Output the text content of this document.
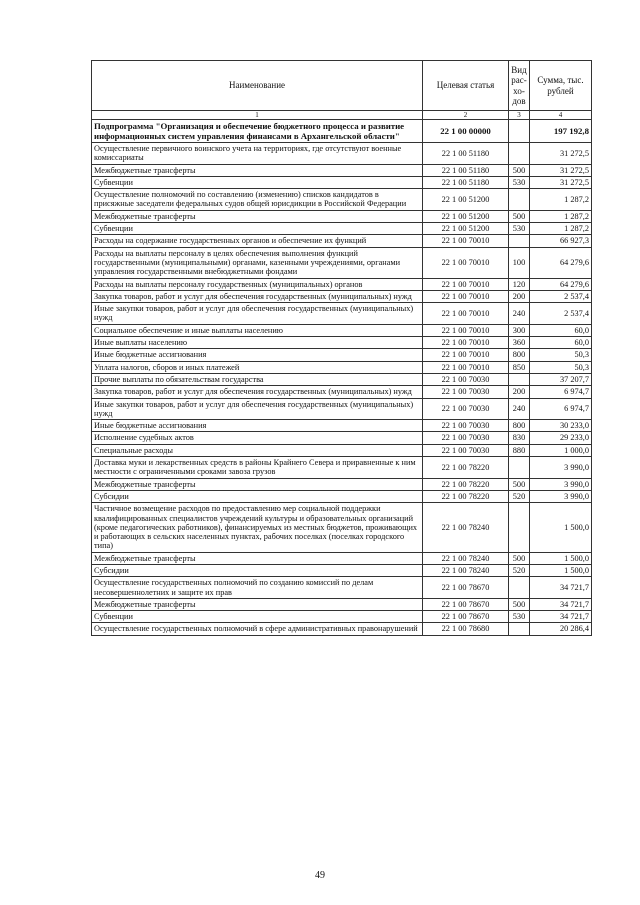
Наименование	Целевая статья	Вид рас-хо-дов	Сумма, тыс. рублей
1	2	3	4
Подпрограмма "Организация и обеспечение бюджетного процесса и развитие информационных систем управления финансами в Архангельской области"	22 1 00 00000		197 192,8
Осуществление первичного воинского учета на территориях, где отсутствуют военные комиссариаты	22 1 00 51180		31 272,5
Межбюджетные трансферты	22 1 00 51180	500	31 272,5
Субвенции	22 1 00 51180	530	31 272,5
Осуществление полномочий по составлению (изменению) списков кандидатов в присяжные заседатели федеральных судов общей юрисдикции в Российской Федерации	22 1 00 51200		1 287,2
Межбюджетные трансферты	22 1 00 51200	500	1 287,2
Субвенции	22 1 00 51200	530	1 287,2
Расходы на содержание государственных органов и обеспечение их функций	22 1 00 70010		66 927,3
Расходы на выплаты персоналу в целях обеспечения выполнения функций государственными (муниципальными) органами, казенными учреждениями, органами управления государственными внебюджетными фондами	22 1 00 70010	100	64 279,6
Расходы на выплаты персоналу государственных (муниципальных) органов	22 1 00 70010	120	64 279,6
Закупка товаров, работ и услуг для обеспечения государственных (муниципальных) нужд	22 1 00 70010	200	2 537,4
Иные закупки товаров, работ и услуг для обеспечения государственных (муниципальных) нужд	22 1 00 70010	240	2 537,4
Социальное обеспечение и иные выплаты населению	22 1 00 70010	300	60,0
Иные выплаты населению	22 1 00 70010	360	60,0
Иные бюджетные ассигнования	22 1 00 70010	800	50,3
Уплата налогов, сборов и иных платежей	22 1 00 70010	850	50,3
Прочие выплаты по обязательствам государства	22 1 00 70030		37 207,7
Закупка товаров, работ и услуг для обеспечения государственных (муниципальных) нужд	22 1 00 70030	200	6 974,7
Иные закупки товаров, работ и услуг для обеспечения государственных (муниципальных) нужд	22 1 00 70030	240	6 974,7
Иные бюджетные ассигнования	22 1 00 70030	800	30 233,0
Исполнение судебных актов	22 1 00 70030	830	29 233,0
Специальные расходы	22 1 00 70030	880	1 000,0
Доставка муки и лекарственных средств в районы Крайнего Севера и приравненные к ним местности с ограниченными сроками завоза грузов	22 1 00 78220		3 990,0
Межбюджетные трансферты	22 1 00 78220	500	3 990,0
Субсидии	22 1 00 78220	520	3 990,0
Частичное возмещение расходов по предоставлению мер социальной поддержки квалифицированных специалистов учреждений культуры и образовательных организаций (кроме педагогических работников), финансируемых из местных бюджетов, проживающих и работающих в сельских населенных пунктах, рабочих поселках (поселках городского типа)	22 1 00 78240		1 500,0
Межбюджетные трансферты	22 1 00 78240	500	1 500,0
Субсидии	22 1 00 78240	520	1 500,0
Осуществление государственных полномочий по созданию комиссий по делам несовершеннолетних и защите их прав	22 1 00 78670		34 721,7
Межбюджетные трансферты	22 1 00 78670	500	34 721,7
Субвенции	22 1 00 78670	530	34 721,7
Осуществление государственных полномочий в сфере административных правонарушений	22 1 00 78680		20 286,4
49
